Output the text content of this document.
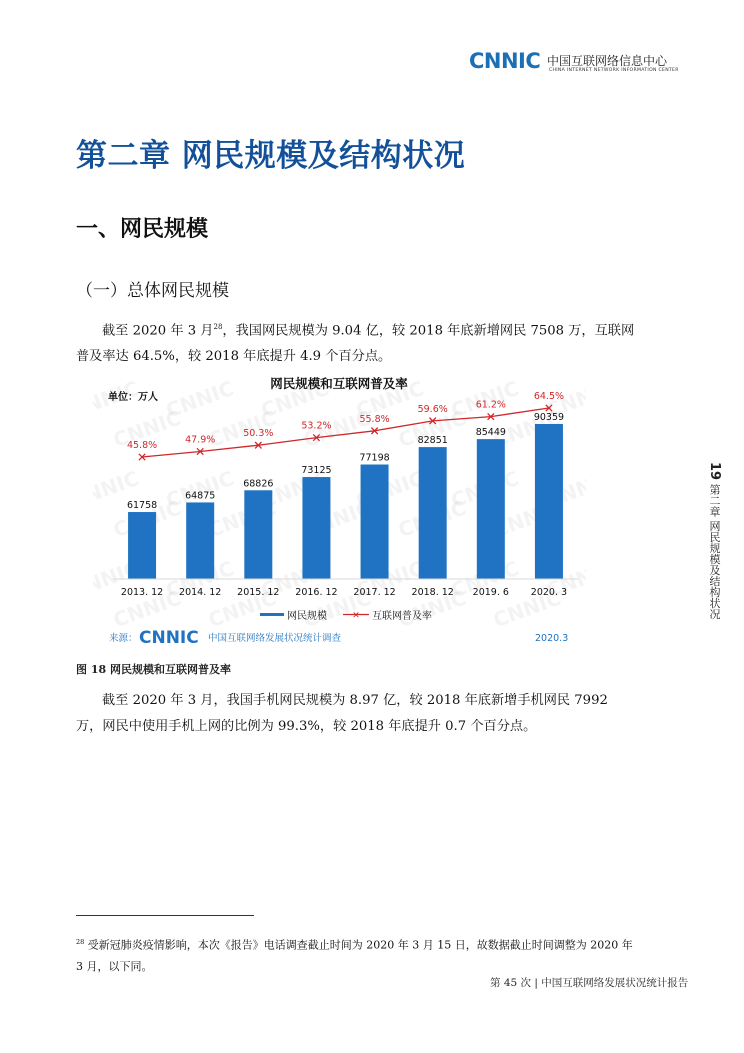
CNNIC 中国互联网络信息中心
CHINA INTERNET NETWORK INFORMATION CENTER
第二章 网民规模及结构状况
一、网民规模
（一）总体网民规模
截至 2020 年 3 月$^{28}$，我国网民规模为 9.04 亿，较 2018 年底新增网民 7508 万，互联网普及率达 64.5%，较 2018 年底提升 4.9 个百分点。
网民规模和互联网普及率
单位：万人
61758
64875
68826
73125
77198
82851
85449
90359
45.8%
47.9%
50.3%
53.2%
55.8%
59.6%	61.2%
64.5%
2013. 12 2014. 12 2015. 12 2016. 12 2017. 12 2018. 12 2019. 6 2020. 3
网民规模	✕ 互联网普及率
来源： CNNIC 中国互联网络发展状况统计调查	2020.3
图 18 网民规模和互联网普及率
截至 2020 年 3 月，我国手机网民规模为 8.97 亿，较 2018 年底新增手机网民 7992 万，网民中使用手机上网的比例为 99.3%，较 2018 年底提升 0.7 个百分点。
$^{28}$ 受新冠肺炎疫情影响，本次《报告》电话调查截止时间为 2020 年 3 月 15 日，故数据截止时间调整为 2020 年 3 月，以下同。
第 45 次 | 中国互联网络发展状况统计报告
19 第二章 网民规模及结构状况
